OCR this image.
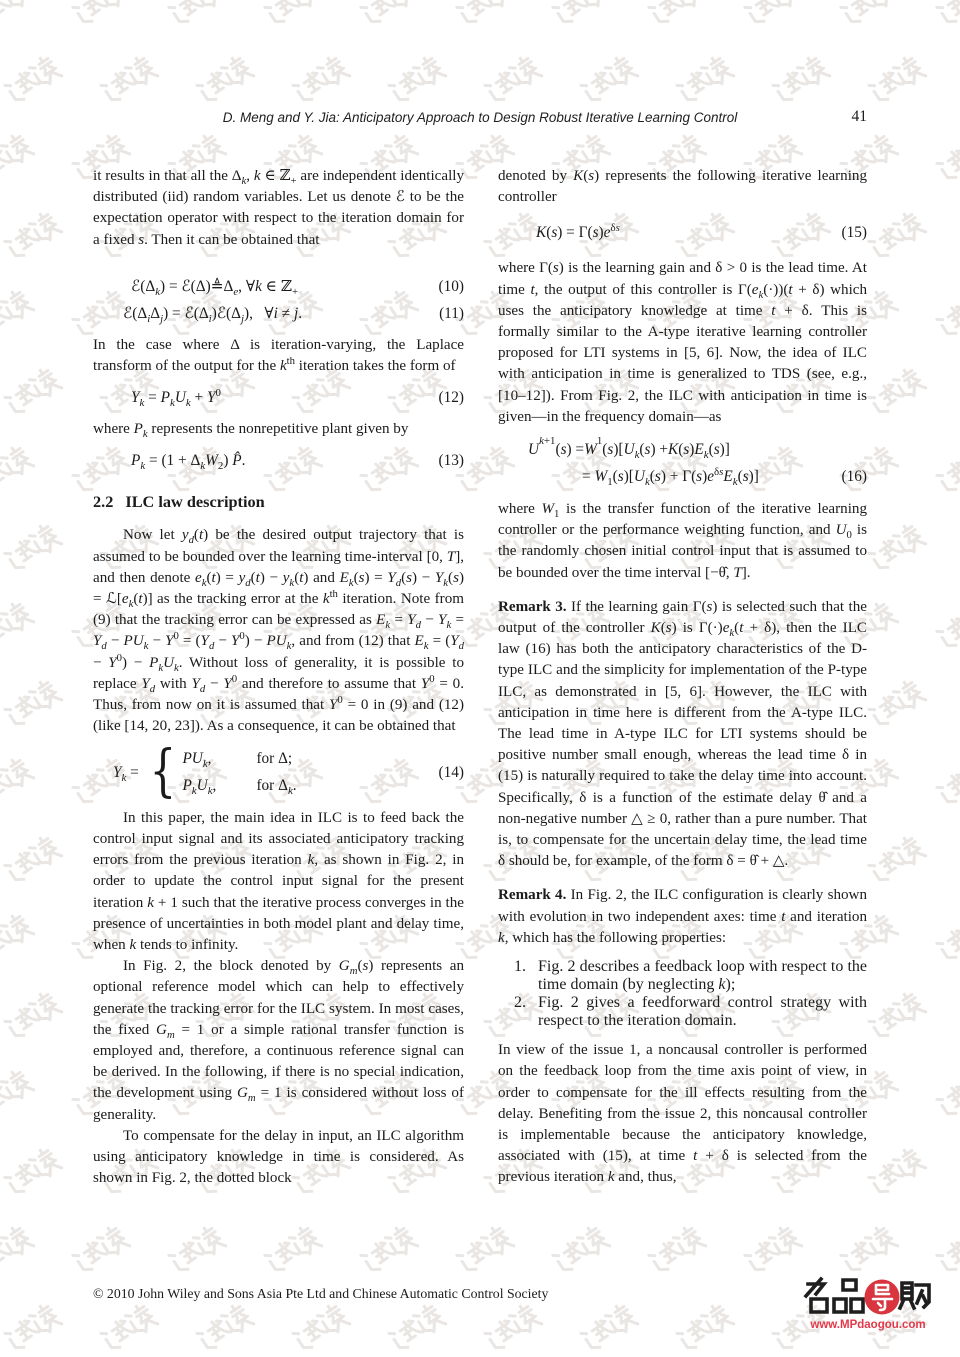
D. Meng and Y. Jia: Anticipatory Approach to Design Robust Iterative Learning Control	41

it results in that all the $\Delta_k$, k ∈ ℤ$_+$ are independent identically distributed (iid) random variables. Let us denote ℰ to be the expectation operator with respect to the iteration domain for a fixed s. Then it can be obtained that

$ℰ(\Delta_k)$ = $ℰ(\Delta)≜\Delta_e$, ∀k ∈ ℤ$_+$	(10)
$ℰ(\Delta_i\Delta_j)$ = $ℰ(\Delta_i)ℰ(\Delta_j)$,   ∀i ≠ j.	(11)

In the case where Δ is iteration-varying, the Laplace transform of the output for the $k^{th}$ iteration takes the form of

$Y_k = P_kU_k + Y^0$	(12)

where $P_k$ represents the nonrepetitive plant given by

$P_k = (1 + \Delta_kW_2)$ P̂.	(13)
2.2 ILC law description

Now let $y_d(t)$ be the desired output trajectory that is assumed to be bounded over the learning time-interval [0, T], and then denote $e_k(t) = y_d(t) - y_k(t)$ and $E_k(s) = Y_d(s) - Y_k(s)$ = $ℒ[e_k(t)]$ as the tracking error at the $k^{th}$ iteration. Note from (9) that the tracking error can be expressed as $E_k = Y_d - Y_k = Y_d - PU_k - Y^0 = (Y_d - Y^0) - PU_k$, and from (12) that $E_k = (Y_d - Y^0) - P_kU_k$. Without loss of generality, it is possible to replace $Y_d$ with $Y_d - Y^0$ and therefore to assume that $Y^0 = 0$. Thus, from now on it is assumed that $Y^0 = 0$ in (9) and (12) (like [14, 20, 23]). As a consequence, it can be obtained that

$Y_k$ = { $PU_k$,	for Δ;
$P_kU_k$,	for $\Delta_k$.
(14)

In this paper, the main idea in ILC is to feed back the control input signal and its associated anticipatory tracking errors from the previous iteration k, as shown in Fig. 2, in order to update the control input signal for the present iteration k + 1 such that the iterative process converges in the presence of uncertainties in both model plant and delay time, when k tends to infinity.

In Fig. 2, the block denoted by $G_m(s)$ represents an optional reference model which can help to effectively generate the tracking error for the ILC system. In most cases, the fixed $G_m = 1$ or a simple rational transfer function is employed and, therefore, a continuous reference signal can be derived. In the following, if there is no special indication, the development using $G_m = 1$ is considered without loss of generality.

To compensate for the delay in input, an ILC algorithm using anticipatory knowledge in time is considered. As shown in Fig. 2, the dotted block

denoted by K(s) represents the following iterative learning controller

$K(s) = \Gamma(s)e^{\delta s}$	(15)

where Γ(s) is the learning gain and δ > 0 is the lead time. At time t, the output of this controller is $\Gamma(e_k(\cdot))(t + \delta)$ which uses the anticipatory knowledge at time t + δ. This is formally similar to the A-type iterative learning controller proposed for LTI systems in [5, 6]. Now, the idea of ILC with anticipation in time is generalized to TDS (see, e.g., [10–12]). From Fig. 2, the ILC with anticipation in time is given—in the frequency domain—as

U k+1 ( s ) = W 1 ( s )[ $U_k$ ( s ) + K ( s ) $E_k$ ( s )]
= $W_1(s)[U_k(s) + \Gamma(s)e^{\delta s}E_k(s)]$	(16)

where $W_1$ is the transfer function of the iterative learning controller or the performance weighting function, and $U_0$ is the randomly chosen initial control input that is assumed to be bounded over the time interval [−θ̂, T].

Remark 3. If the learning gain Γ(s) is selected such that the output of the controller K(s) is $\Gamma(\cdot)e_k(t + \delta)$, then the ILC law (16) has both the anticipatory characteristics of the D-type ILC and the simplicity for implementation of the P-type ILC, as demonstrated in [5, 6]. However, the ILC with anticipation in time here is different from the A-type ILC. The lead time in A-type ILC for LTI systems should be positive number small enough, whereas the lead time δ in (15) is naturally required to take the delay time into account. Specifically, δ is a function of the estimate delay θ̂ and a non-negative number △ ≥ 0, rather than a pure number. That is, to compensate for the uncertain delay time, the lead time δ should be, for example, of the form δ = θ̂ + △.

Remark 4. In Fig. 2, the ILC configuration is clearly shown with evolution in two independent axes: time t and iteration k, which has the following properties:

1. Fig. 2 describes a feedback loop with respect to the time domain (by neglecting k);
2. Fig. 2 gives a feedforward control strategy with respect to the iteration domain.

In view of the issue 1, a noncausal controller is performed on the feedback loop from the time axis point of view, in order to compensate for the ill effects resulting from the delay. Benefiting from the issue 2, this noncausal controller is implementable because the anticipatory knowledge, associated with (15), at time t + δ is selected from the previous iteration k and, thus,

© 2010 John Wiley and Sons Asia Pte Ltd and Chinese Automatic Control Society
www.MPdaogou.com
